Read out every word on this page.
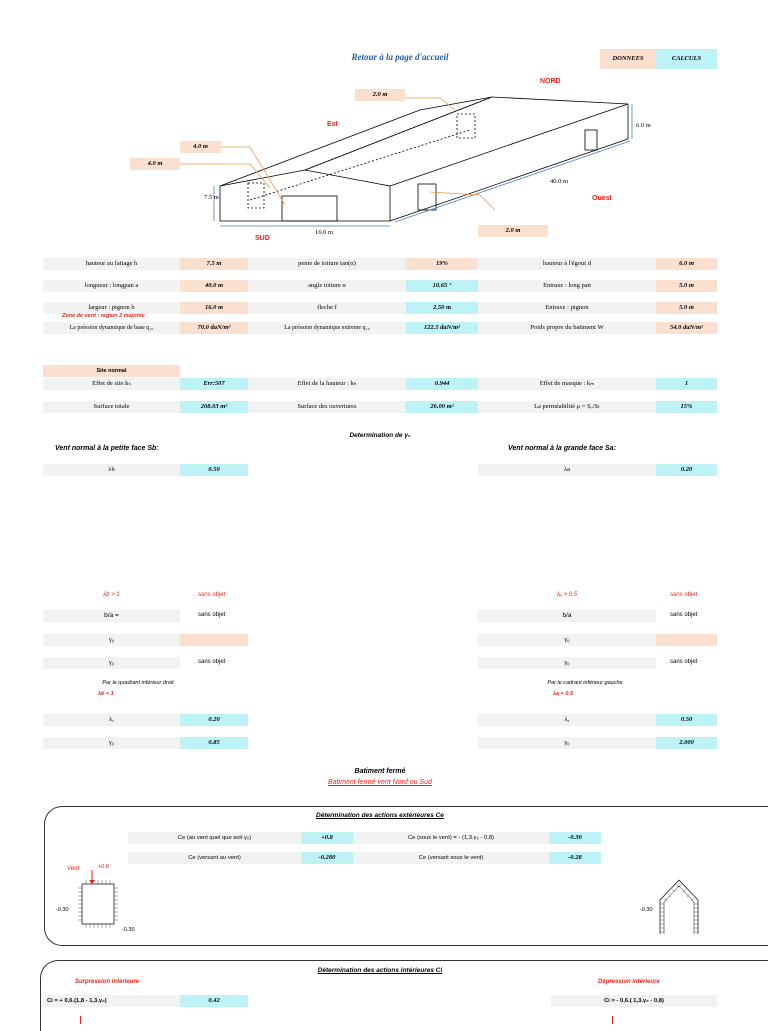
Retour à la page d'accueil	DONNEES	CALCULS
NORD
Est
Ouest
SUD
2.0 m
4.0 m
4.0 m
2.0 m
6.0 m
7.5 m
40.0 m
16.0 m
hauteur au faitage h	7.5 m	pente de toiture tan(α)	19%	hauteur à l'égout d	6.0 m
longueur : longpan a	40.0 m	angle toiture α	10.65 °	Entraxe : long pan	5.0 m
largeur : pignon b	16.0 m	fleche f	2.50 m	Entraxe : pignon	5.0 m
Zone de vent : region 2 majorée
La préssion dynamique de base q₁₀	70.0 daN/m²	La préssion dynamique extreme q₁₀	122.5 daN/m²	Poids propre du batiment W	54.0 daN/m²
Site normal
Effet de site:kₛ	Err:507	Effet de la hauteur : kₕ	0.944	Effet de masque : kₘ	1
Surface totale	208.03 m²	Surface des ouvertures	26.00 m²	La perméabilité μ = Sₒ/Sₜ	15%
Determination de γ₀
Vent normal à la petite face Sb:	Vent normal à la grande face Sa:
λb	0.50	λa	0.20
λb > 1	sans objet
b/a =	sans objet
γ₀
γ₀	sans objet
Par le quadrant inférieur droit
λb < 1
λₐ	0.20
γ₀	0.85
λₐ > 0,5	sans objet
b/a	sans objet
γ₀
γ₀	sans objet
Par le cadrant inférieur gauche
λa < 0.5
λₐ	0.50
γ₀	2.000
Batiment fermé
Batiment fermé vent Nord ou Sud
Détermination des actions extérieures Ce
Ce (au vent quel que soit γ₀)	+0.8	Ce (sous le vent) = - (1,3.γ₀ - 0,8)	-0.30
Ce (versant au vent)	-0.280	Ce (versant sous le vent)	-0.28
Vent	+0.8
-0.30
-0.30
-0.30
Détermination des actions intérieures Ci
Surpression intérieure	Dépression intérieure
Ci = + 0,6.(1,8 - 1,3.γ₀)	0.42	Ci = - 0,6.( 1,3.γ₀ - 0,8)
